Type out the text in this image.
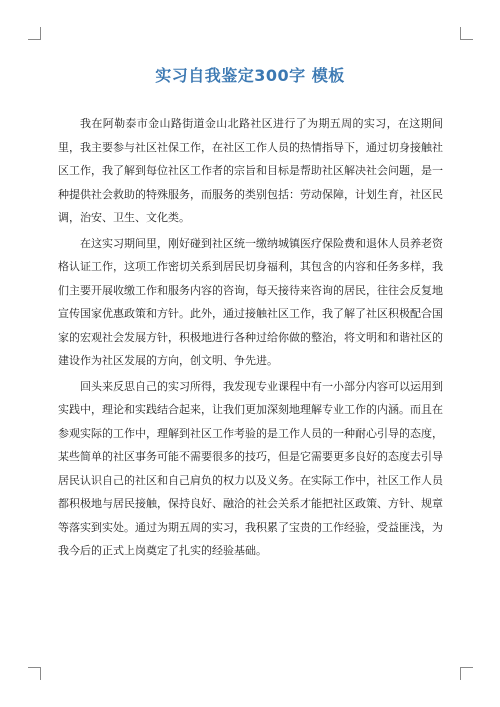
实习自我鉴定300字 模板

我在阿勒泰市金山路街道金山北路社区进行了为期五周的实习，在这期间里，我主要参与社区社保工作，在社区工作人员的热情指导下，通过切身接触社区工作，我了解到每位社区工作者的宗旨和目标是帮助社区解决社会问题，是一种提供社会救助的特殊服务，而服务的类别包括：劳动保障，计划生育，社区民调，治安、卫生、文化类。

在这实习期间里，刚好碰到社区统一缴纳城镇医疗保险费和退休人员养老资格认证工作，这项工作密切关系到居民切身福利，其包含的内容和任务多样，我们主要开展收缴工作和服务内容的咨询，每天接待来咨询的居民，往往会反复地宣传国家优惠政策和方针。此外，通过接触社区工作，我了解了社区积极配合国家的宏观社会发展方针，积极地进行各种过给你做的整治，将文明和和谐社区的建设作为社区发展的方向，创文明、争先进。

回头来反思自己的实习所得，我发现专业课程中有一小部分内容可以运用到实践中，理论和实践结合起来，让我们更加深刻地理解专业工作的内涵。而且在参观实际的工作中，理解到社区工作考验的是工作人员的一种耐心引导的态度，某些简单的社区事务可能不需要很多的技巧，但是它需要更多良好的态度去引导居民认识自己的社区和自己肩负的权力以及义务。在实际工作中，社区工作人员都积极地与居民接触，保持良好、融洽的社会关系才能把社区政策、方针、规章等落实到实处。通过为期五周的实习，我积累了宝贵的工作经验，受益匪浅，为我今后的正式上岗奠定了扎实的经验基础。
